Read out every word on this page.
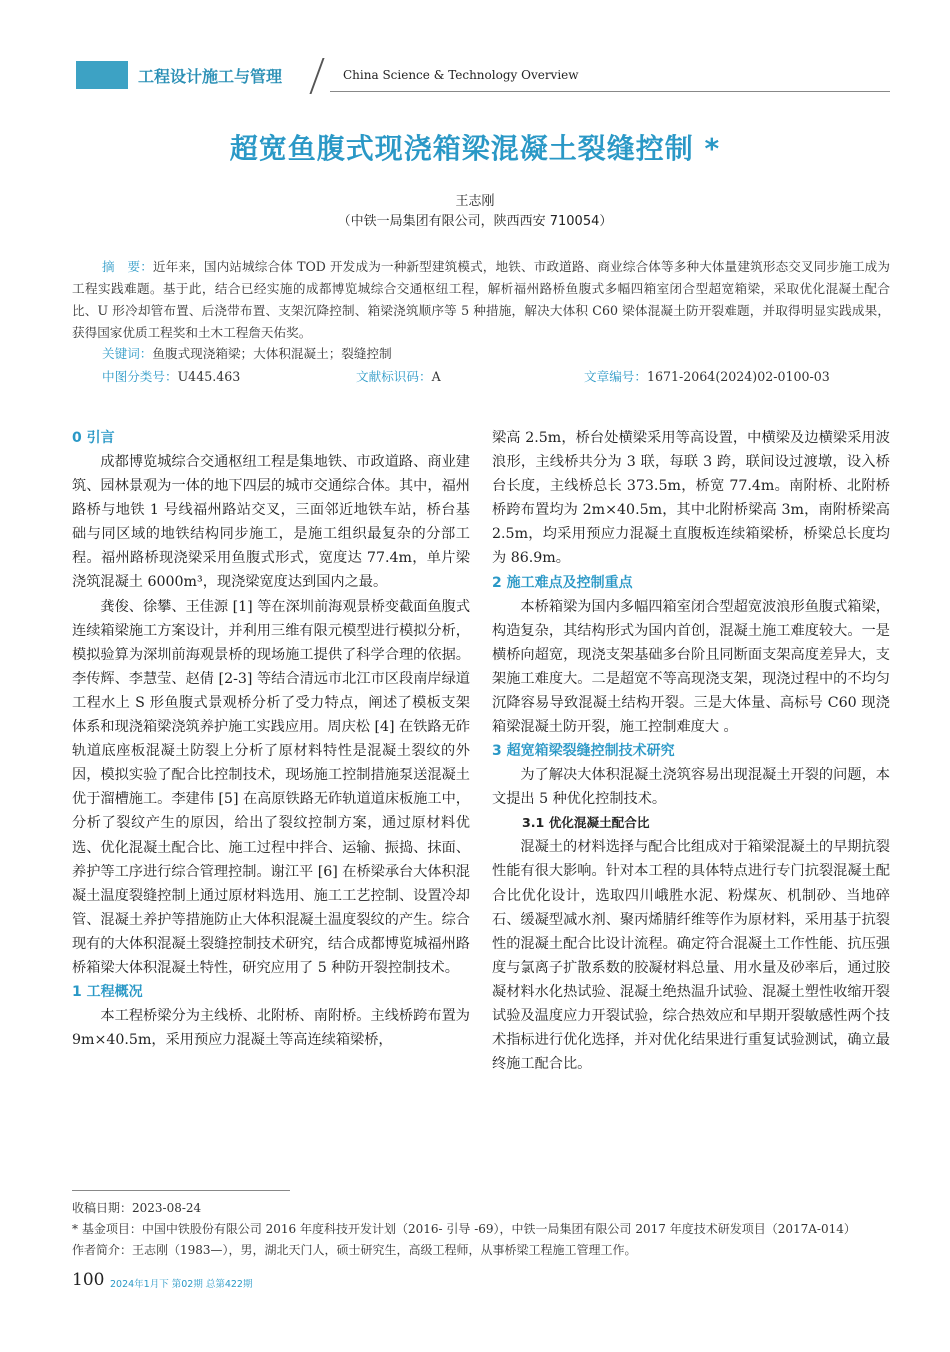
工程设计施工与管理	China Science & Technology Overview
超宽鱼腹式现浇箱梁混凝土裂缝控制 *
王志刚
（中铁一局集团有限公司，陕西西安 710054）
摘　要：近年来，国内站城综合体 TOD 开发成为一种新型建筑模式，地铁、市政道路、商业综合体等多种大体量建筑形态交叉同步施工成为工程实践难题。基于此，结合已经实施的成都博览城综合交通枢纽工程，解析福州路桥鱼腹式多幅四箱室闭合型超宽箱梁，采取优化混凝土配合比、U 形冷却管布置、后浇带布置、支架沉降控制、箱梁浇筑顺序等 5 种措施，解决大体积 C60 梁体混凝土防开裂难题，并取得明显实践成果，获得国家优质工程奖和土木工程詹天佑奖。
关键词：鱼腹式现浇箱梁；大体积混凝土；裂缝控制
中图分类号：U445.463	文献标识码：A	文章编号：1671-2064(2024)02-0100-03
0 引言

成都博览城综合交通枢纽工程是集地铁、市政道路、商业建筑、园林景观为一体的地下四层的城市交通综合体。其中，福州路桥与地铁 1 号线福州路站交叉，三面邻近地铁车站，桥台基础与同区域的地铁结构同步施工，是施工组织最复杂的分部工程。福州路桥现浇梁采用鱼腹式形式，宽度达 77.4m，单片梁浇筑混凝土 6000m³，现浇梁宽度达到国内之最。

龚俊、徐攀、王佳源 [1] 等在深圳前海观景桥变截面鱼腹式连续箱梁施工方案设计，并利用三维有限元模型进行模拟分析，模拟验算为深圳前海观景桥的现场施工提供了科学合理的依据。李传辉、李慧莹、赵倩 [2-3] 等结合清远市北江市区段南岸绿道工程水上 S 形鱼腹式景观桥分析了受力特点，阐述了模板支架体系和现浇箱梁浇筑养护施工实践应用。周庆松 [4] 在铁路无砟轨道底座板混凝土防裂上分析了原材料特性是混凝土裂纹的外因，模拟实验了配合比控制技术，现场施工控制措施泵送混凝土优于溜槽施工。李建伟 [5] 在高原铁路无砟轨道道床板施工中，分析了裂纹产生的原因，给出了裂纹控制方案，通过原材料优选、优化混凝土配合比、施工过程中拌合、运输、振捣、抹面、养护等工序进行综合管理控制。谢江平 [6] 在桥梁承台大体积混凝土温度裂缝控制上通过原材料选用、施工工艺控制、设置冷却管、混凝土养护等措施防止大体积混凝土温度裂纹的产生。综合现有的大体积混凝土裂缝控制技术研究，结合成都博览城福州路桥箱梁大体积混凝土特性，研究应用了 5 种防开裂控制技术。

1 工程概况

本工程桥梁分为主线桥、北附桥、南附桥。主线桥跨布置为 9m×40.5m，采用预应力混凝土等高连续箱梁桥，

梁高 2.5m，桥台处横梁采用等高设置，中横梁及边横梁采用波浪形，主线桥共分为 3 联，每联 3 跨，联间设过渡墩，设入桥台长度，主线桥总长 373.5m，桥宽 77.4m。南附桥、北附桥桥跨布置均为 2m×40.5m，其中北附桥梁高 3m，南附桥梁高 2.5m，均采用预应力混凝土直腹板连续箱梁桥，桥梁总长度均为 86.9m。

2 施工难点及控制重点

本桥箱梁为国内多幅四箱室闭合型超宽波浪形鱼腹式箱梁，构造复杂，其结构形式为国内首创，混凝土施工难度较大。一是横桥向超宽，现浇支架基础多台阶且同断面支架高度差异大，支架施工难度大。二是超宽不等高现浇支架，现浇过程中的不均匀沉降容易导致混凝土结构开裂。三是大体量、高标号 C60 现浇箱梁混凝土防开裂，施工控制难度大 。

3 超宽箱梁裂缝控制技术研究

为了解决大体积混凝土浇筑容易出现混凝土开裂的问题，本文提出 5 种优化控制技术。

3.1 优化混凝土配合比

混凝土的材料选择与配合比组成对于箱梁混凝土的早期抗裂性能有很大影响。针对本工程的具体特点进行专门抗裂混凝土配合比优化设计，选取四川峨胜水泥、粉煤灰、机制砂、当地碎石、缓凝型减水剂、聚丙烯腈纤维等作为原材料，采用基于抗裂性的混凝土配合比设计流程。确定符合混凝土工作性能、抗压强度与氯离子扩散系数的胶凝材料总量、用水量及砂率后，通过胶凝材料水化热试验、混凝土绝热温升试验、混凝土塑性收缩开裂试验及温度应力开裂试验，综合热效应和早期开裂敏感性两个技术指标进行优化选择，并对优化结果进行重复试验测试，确立最终施工配合比。

收稿日期：2023-08-24
* 基金项目：中国中铁股份有限公司 2016 年度科技开发计划（2016- 引导 -69），中铁一局集团有限公司 2017 年度技术研发项目（2017A-014）
作者简介：王志刚（1983—），男，湖北天门人，硕士研究生，高级工程师，从事桥梁工程施工管理工作。
100 2024年1月下 第02期 总第422期
